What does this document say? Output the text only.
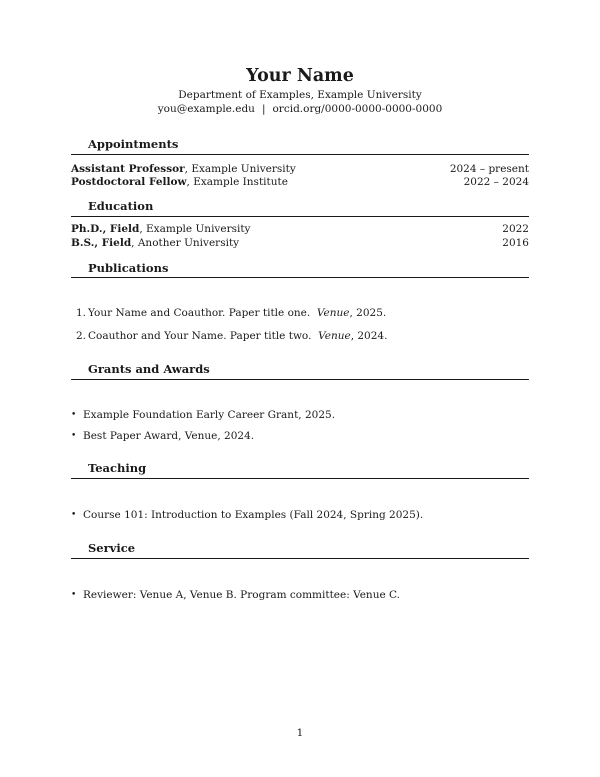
Your Name
Department of Examples, Example University
you@example.edu | orcid.org/0000-0000-0000-0000
Appointments
Assistant Professor, Example University	2024 – present
Postdoctoral Fellow, Example Institute	2022 – 2024
Education
Ph.D., Field, Example University	2022
B.S., Field, Another University	2016
Publications
1. Your Name and Coauthor. Paper title one. Venue, 2025.
2. Coauthor and Your Name. Paper title two. Venue, 2024.
Grants and Awards
• Example Foundation Early Career Grant, 2025.
• Best Paper Award, Venue, 2024.
Teaching
• Course 101: Introduction to Examples (Fall 2024, Spring 2025).
Service
• Reviewer: Venue A, Venue B. Program committee: Venue C.
1
